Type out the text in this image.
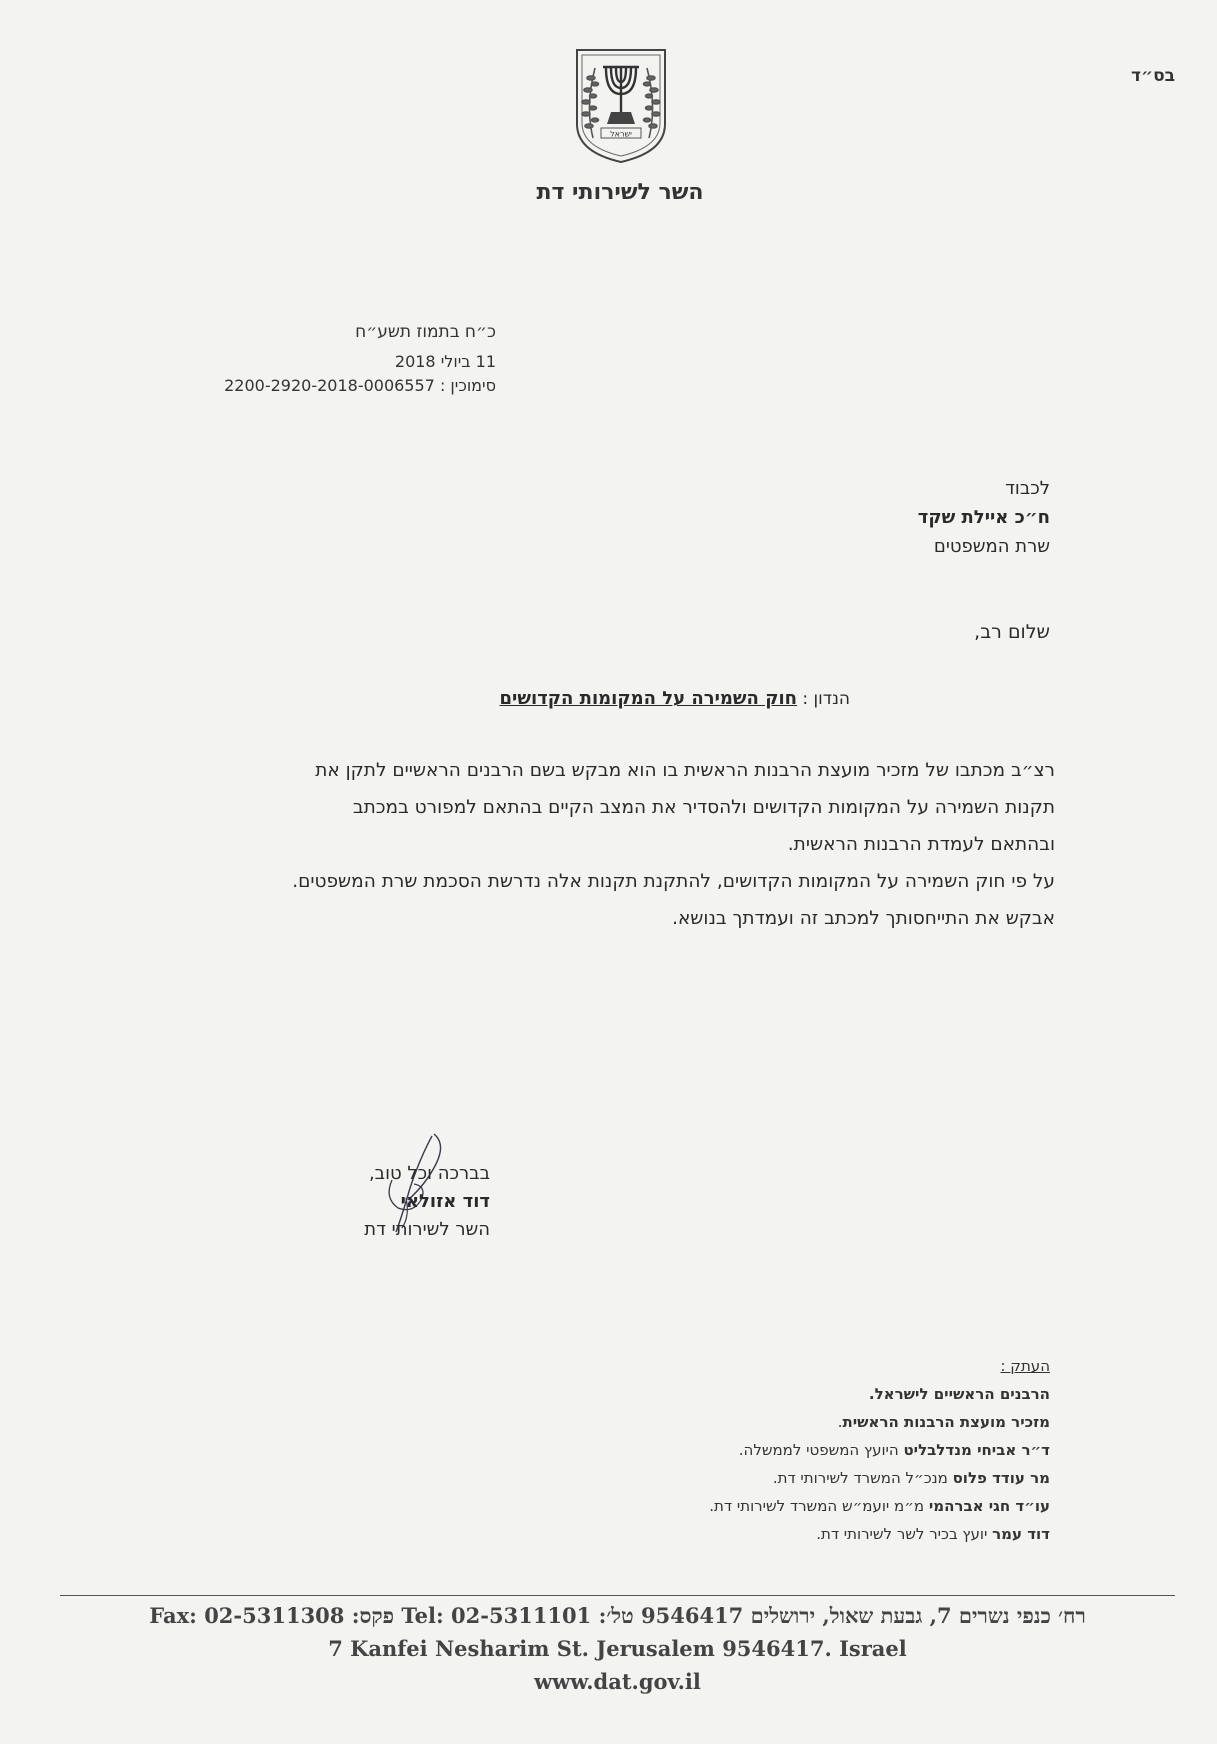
בס״ד
ישראל
השר לשירותי דת
כ״ח בתמוז תשע״ח
11 ביולי 2018
סימוכין : 2200-2920-2018-0006557
לכבוד
ח״כ איילת שקד
שרת המשפטים
שלום רב,
הנדון : חוק השמירה על המקומות הקדושים

רצ״ב מכתבו של מזכיר מועצת הרבנות הראשית בו הוא מבקש בשם הרבנים הראשיים לתקן את

תקנות השמירה על המקומות הקדושים ולהסדיר את המצב הקיים בהתאם למפורט במכתב

ובהתאם לעמדת הרבנות הראשית.

על פי חוק השמירה על המקומות הקדושים, להתקנת תקנות אלה נדרשת הסכמת שרת המשפטים.

אבקש את התייחסותך למכתב זה ועמדתך בנושא.

בברכה וכל טוב,
דוד אזולאי
השר לשירותי דת
העתק :
הרבנים הראשיים לישראל.
מזכיר מועצת הרבנות הראשית.
ד״ר אביחי מנדלבליט היועץ המשפטי לממשלה.
מר עודד פלוס מנכ״ל המשרד לשירותי דת.
עו״ד חגי אברהמי מ״מ יועמ״ש המשרד לשירותי דת.
דוד עמר יועץ בכיר לשר לשירותי דת.
רח׳ כנפי נשרים 7, גבעת שאול, ירושלים 9546417 טל׳: 02-5311101 :Tel פקס: 02-5311308 :Fax
7 Kanfei Nesharim St. Jerusalem 9546417. Israel
www.dat.gov.il
